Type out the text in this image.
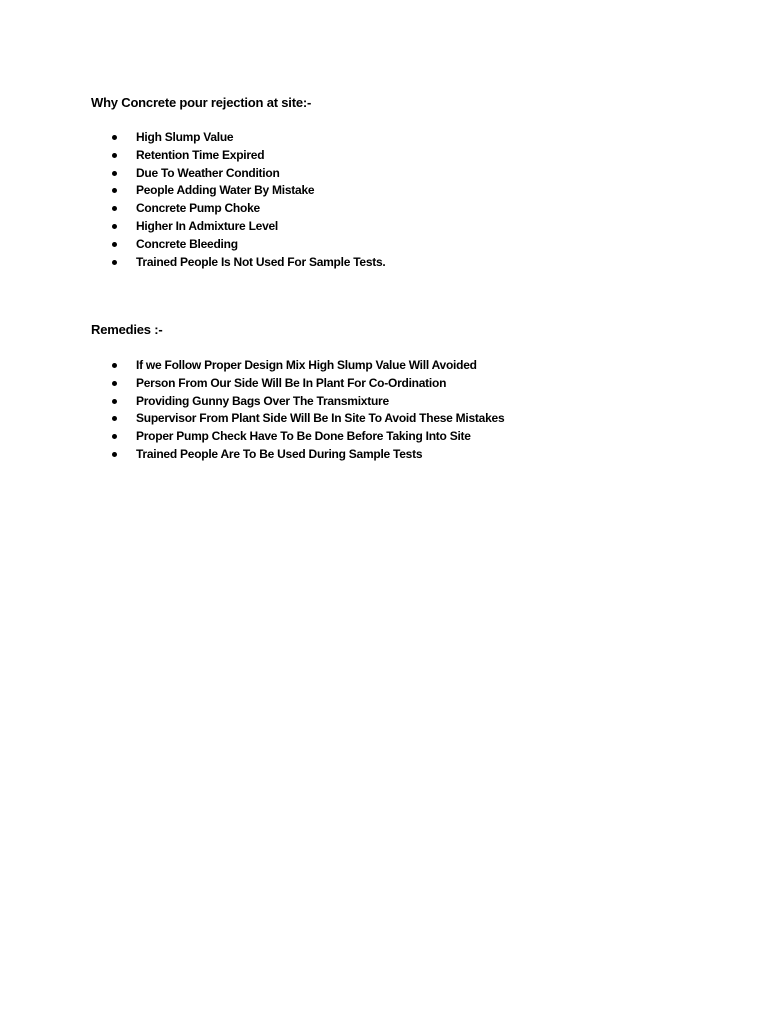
Why Concrete pour rejection at site:-
High Slump Value
Retention Time Expired
Due To Weather Condition
People Adding Water By Mistake
Concrete Pump Choke
Higher In Admixture Level
Concrete Bleeding
Trained People Is Not Used For Sample Tests.
Remedies :-
If we Follow Proper Design Mix High Slump Value Will Avoided
Person From Our Side Will Be In Plant For Co-Ordination
Providing Gunny Bags Over The Transmixture
Supervisor From Plant Side Will Be In Site To Avoid These Mistakes
Proper Pump Check Have To Be Done Before Taking Into Site
Trained People Are To Be Used During Sample Tests
